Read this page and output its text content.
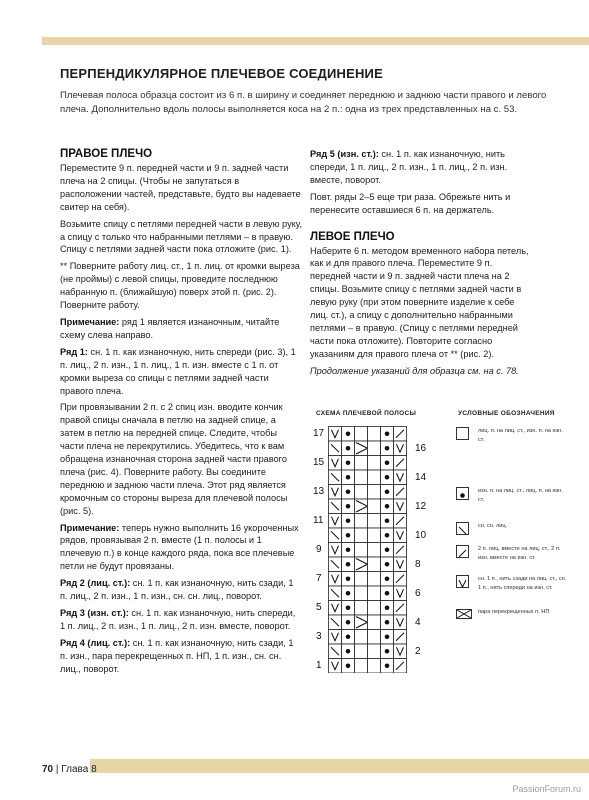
ПЕРПЕНДИКУЛЯРНОЕ ПЛЕЧЕВОЕ СОЕДИНЕНИЕ
Плечевая полоса образца состоит из 6 п. в ширину и соединяет переднюю и заднюю части правого и левого плеча. Дополнительно вдоль полосы выполняется коса на 2 п.: одна из трех представленных на с. 53.
ПРАВОЕ ПЛЕЧО
Переместите 9 п. передней части и 9 п. задней части плеча на 2 спицы. (Чтобы не запутаться в расположении частей, представьте, будто вы надеваете свитер на себя).
Возьмите спицу с петлями передней части в левую руку, а спицу с только что набранными петлями – в правую. Спицу с петлями задней части пока отложите (рис. 1).
** Поверните работу лиц. ст., 1 п. лиц. от кромки выреза (не проймы) с левой спицы, проведите последнюю набранную п. (ближайшую) поверх этой п. (рис. 2). Поверните работу.
Примечание: ряд 1 является изнаночным, читайте схему слева направо.
Ряд 1: сн. 1 п. как изнаночную, нить спереди (рис. 3), 1 п. лиц., 2 п. изн., 1 п. лиц., 1 п. изн. вместе с 1 п. от кромки выреза со спицы с петлями задней части правого плеча.
При провязывании 2 п. с 2 спиц изн. вводите кончик правой спицы сначала в петлю на задней спице, а затем в петлю на передней спице. Следите, чтобы части плеча не перекрутились. Убедитесь, что к вам обращена изнаночная сторона задней части правого плеча (рис. 4). Поверните работу. Вы соедините переднюю и заднюю части плеча. Этот ряд является кромочным со стороны выреза для плечевой полосы (рис. 5).
Примечание: теперь нужно выполнить 16 укороченных рядов, провязывая 2 п. вместе (1 п. полосы и 1 плечевую п.) в конце каждого ряда, пока все плечевые петли не будут провязаны.
Ряд 2 (лиц. ст.): сн. 1 п. как изнаночную, нить сзади, 1 п. лиц., 2 п. изн., 1 п. изн., сн. сн. лиц., поворот.
Ряд 3 (изн. ст.): сн. 1 п. как изнаночную, нить спереди, 1 п. лиц., 2 п. изн., 1 п. лиц., 2 п. изн. вместе, поворот.
Ряд 4 (лиц. ст.): сн. 1 п. как изнаночную, нить сзади, 1 п. изн., пара перекрещенных п. НП, 1 п. изн., сн. сн. лиц., поворот.
Ряд 5 (изн. ст.): сн. 1 п. как изнаночную, нить спереди, 1 п. лиц., 2 п. изн., 1 п. лиц., 2 п. изн. вместе, поворот.
Повт. ряды 2–5 еще три раза. Обрежьте нить и перенесите оставшиеся 6 п. на держатель.
ЛЕВОЕ ПЛЕЧО
Наберите 6 п. методом временного набора петель, как и для правого плеча. Переместите 9 п. передней части и 9 п. задней части плеча на 2 спицы. Возьмите спицу с петлями задней части в левую руку (при этом поверните изделие к себе лиц. ст.), а спицу с дополнительно набранными петлями – в правую. (Спицу с петлями передней части пока отложите). Повторите согласно указаниям для правого плеча от ** (рис. 2).
Продолжение указаний для образца см. на с. 78.
СХЕМА ПЛЕЧЕВОЙ ПОЛОСЫ
17
15
13
11
9
7
5
3
1
16
14
12
10
8
6
4
2
УСЛОВНЫЕ ОБОЗНАЧЕНИЯ
лиц. п. на лиц. ст., изн. п. на изн. ст.
изн. п. на лиц. ст., лиц. п. на изн. ст.
сн. сн. лиц.
2 п. лиц. вместе на лиц. ст., 2 п. изн. вместе на изн. ст.
сн. 1 п., нить сзади на лиц. ст., сн. 1 п., нить спереди на изн. ст.
пара перекрещенных п. НП
70 | Глава 8
PassionForum.ru
